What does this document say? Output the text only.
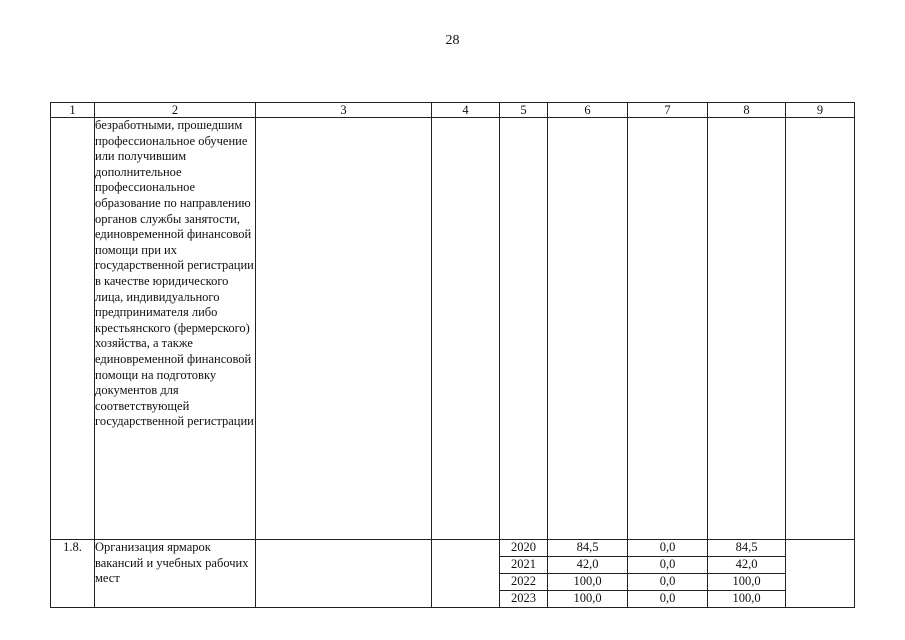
28
1	2	3	4	5	6	7	8	9
	безработными, прошедшим профессиональное обучение или получившим дополнительное профессиональное образование по направлению органов службы занятости, единовременной финансовой помощи при их государственной регистрации в качестве юридического лица, индивидуального предпринимателя либо крестьянского (фермерского) хозяйства, а также единовременной финансовой помощи на подготовку документов для соответствующей государственной регистрации							
1.8.	Организация ярмарок вакансий и учебных рабочих мест			2020	84,5	0,0	84,5	
				2021	42,0	0,0	42,0	
				2022	100,0	0,0	100,0	
				2023	100,0	0,0	100,0	
